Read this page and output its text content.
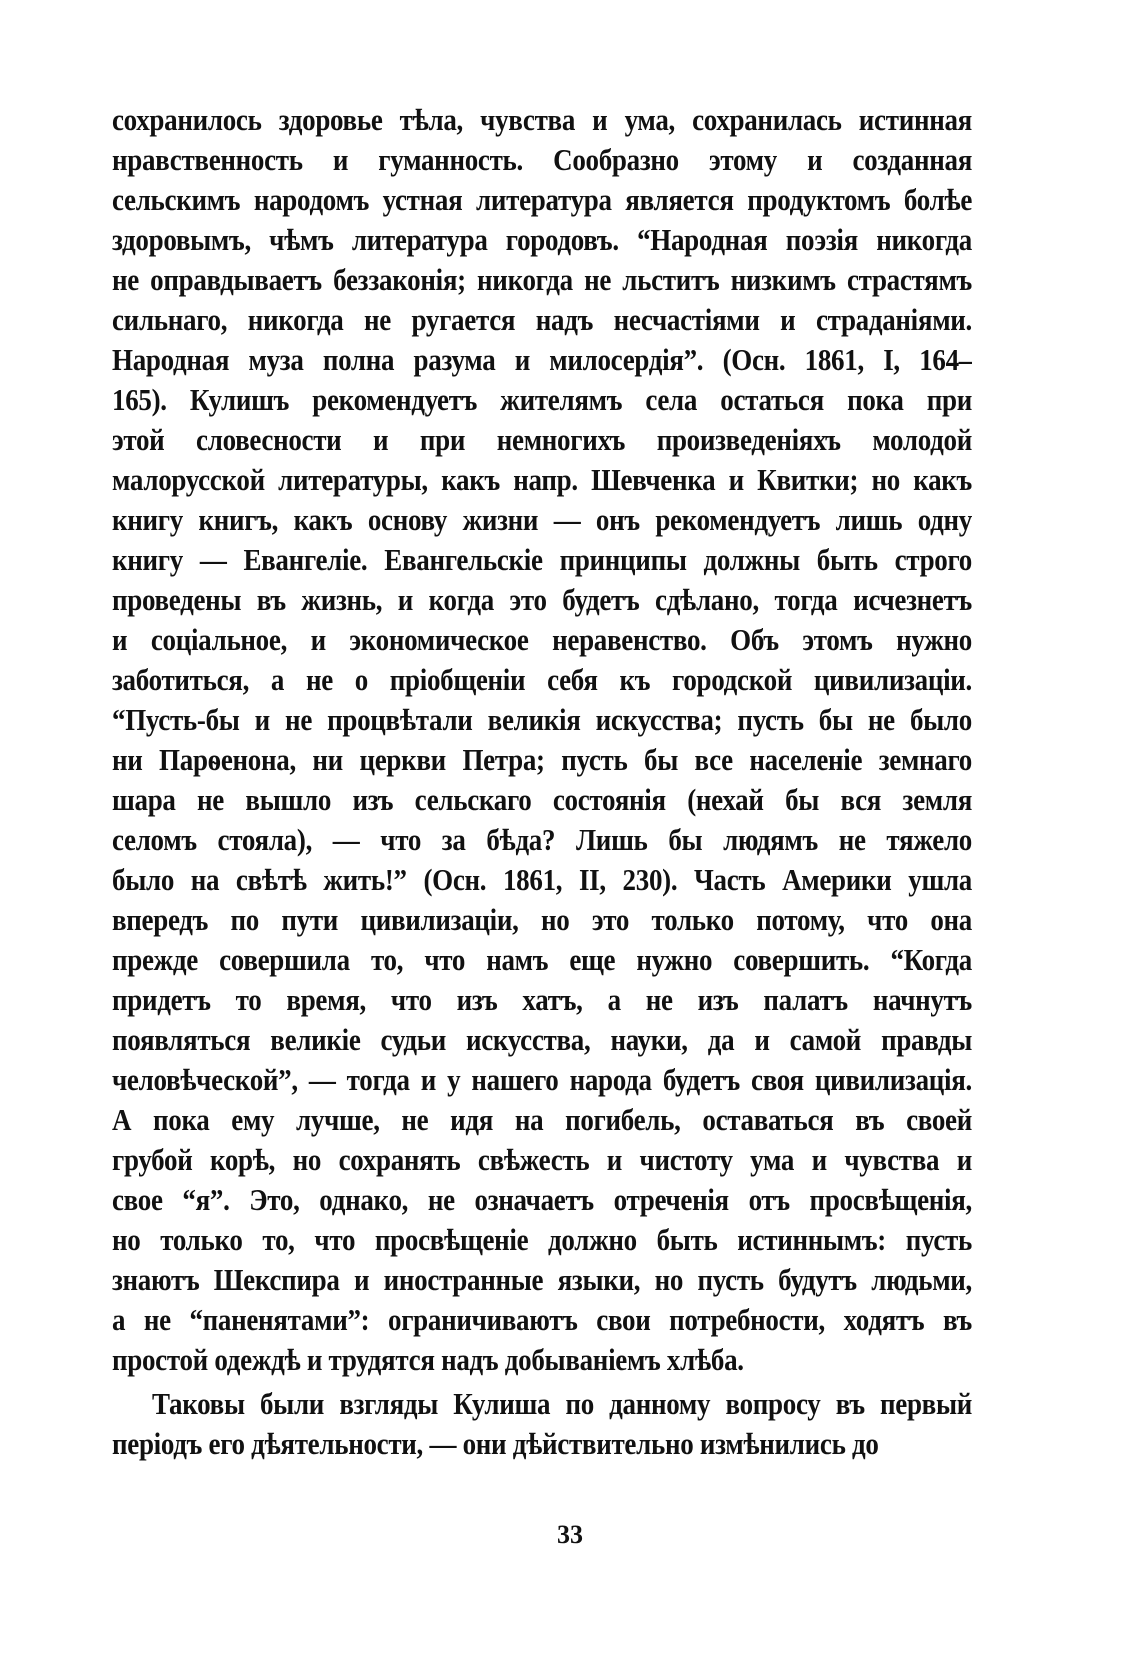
сохранилось здоровье тѣла, чувства и ума, сохранилась истинная
нравственность и гуманность. Сообразно этому и созданная
сельскимъ народомъ устная литература является продуктомъ болѣе
здоровымъ, чѣмъ литература городовъ. “Народная поэзія никогда
не оправдываетъ беззаконія; никогда не льститъ низкимъ страстямъ
сильнаго, никогда не ругается надъ несчастіями и страданіями.
Народная муза полна разума и милосердія”. (Осн. 1861, I, 164–
165). Кулишъ рекомендуетъ жителямъ села остаться пока при
этой словесности и при немногихъ произведеніяхъ молодой
малорусской литературы, какъ напр. Шевченка и Квитки; но какъ
книгу книгъ, какъ основу жизни — онъ рекомендуетъ лишь одну
книгу — Евангеліе. Евангельскіе принципы должны быть строго
проведены въ жизнь, и когда это будетъ сдѣлано, тогда исчезнетъ
и соціальное, и экономическое неравенство. Объ этомъ нужно
заботиться, а не о пріобщеніи себя къ городской цивилизаціи.
“Пусть-бы и не процвѣтали великія искусства; пусть бы не было
ни Парѳенона, ни церкви Петра; пусть бы все населеніе земнаго
шара не вышло изъ сельскаго состоянія (нехай бы вся земля
селомъ стояла), — что за бѣда? Лишь бы людямъ не тяжело
было на свѣтѣ жить!” (Осн. 1861, II, 230). Часть Америки ушла
впередъ по пути цивилизаціи, но это только потому, что она
прежде совершила то, что намъ еще нужно совершить. “Когда
придетъ то время, что изъ хатъ, а не изъ палатъ начнутъ
появляться великіе судьи искусства, науки, да и самой правды
человѣческой”, — тогда и у нашего народа будетъ своя цивилизація.
А пока ему лучше, не идя на погибель, оставаться въ своей
грубой корѣ, но сохранять свѣжесть и чистоту ума и чувства и
свое “я”. Это, однако, не означаетъ отреченія отъ просвѣщенія,
но только то, что просвѣщеніе должно быть истиннымъ: пусть
знаютъ Шекспира и иностранные языки, но пусть будутъ людьми,
а не “паненятами”: ограничиваютъ свои потребности, ходятъ въ
простой одеждѣ и трудятся надъ добываніемъ хлѣба.
Таковы были взгляды Кулиша по данному вопросу въ первый
періодъ его дѣятельности, — они дѣйствительно измѣнились до
33
